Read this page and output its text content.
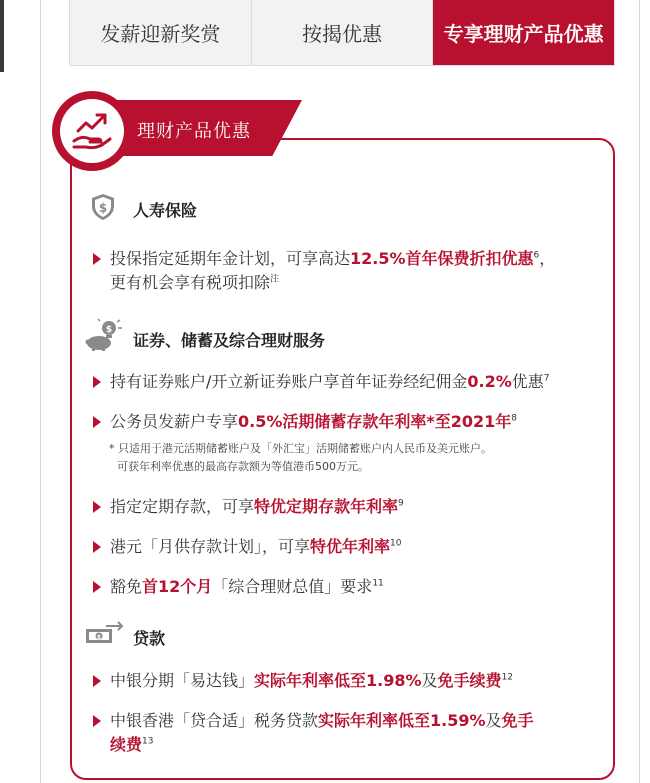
发薪迎新奖赏	按揭优惠	专享理财产品优惠
理财产品优惠
$ 人寿保险
投保指定延期年金计划，可享高达12.5%首年保费折扣优惠$^6$，
更有机会享有税项扣除$^注$
$
证券、储蓄及综合理财服务
持有证券账户/开立新证券账户享首年证券经纪佣金0.2%优惠$^7$
公务员发薪户专享0.5%活期储蓄存款年利率*至2021年$^8$
* 只适用于港元活期储蓄账户及「外汇宝」活期储蓄账户内人民币及美元账户。
可获年利率优惠的最高存款额为等值港币500万元。
指定定期存款，可享特优定期存款年利率$^9$
港元「月供存款计划」，可享特优年利率$^{10}$
豁免首12个月「综合理财总值」要求$^{11}$
$ 贷款
中银分期「易达钱」实际年利率低至1.98%及免手续费$^{12}$
中银香港「贷合适」税务贷款实际年利率低至1.59%及免手
续费$^{13}$
